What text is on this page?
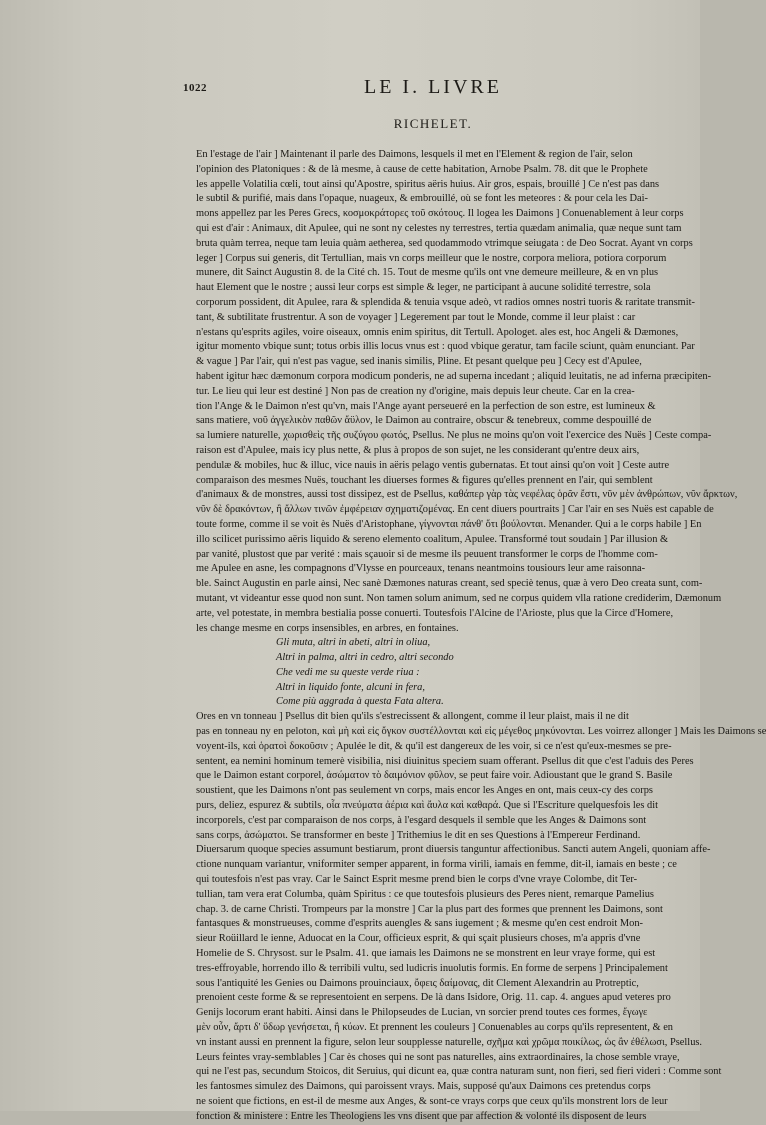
1022	LE I. LIVRE
RICHELET.
En l'estage de l'air ] Maintenant il parle des Daimons, lesquels il met en l'Element & region de l'air, selon
l'opinion des Platoniques : & de là mesme, à cause de cette habitation, Arnobe Psalm. 78. dit que le Prophete
les appelle Volatilia cœli, tout ainsi qu'Apostre, spiritus aëris huius. Air gros, espais, brouillé ] Ce n'est pas dans
le subtil & purifié, mais dans l'opaque, nuageux, & embrouillé, où se font les meteores : & pour cela les Dai-
mons appellez par les Peres Grecs, κοσμοκράτορες τοῦ σκότους. Il logea les Daimons ] Conuenablement à leur corps
qui est d'air : Animaux, dit Apulee, qui ne sont ny celestes ny terrestres, tertia quædam animalia, quæ neque sunt tam
bruta quàm terrea, neque tam leuia quàm aetherea, sed quodammodo vtrimque seiugata : de Deo Socrat. Ayant vn corps
leger ] Corpus sui generis, dit Tertullian, mais vn corps meilleur que le nostre, corpora meliora, potiora corporum
munere, dit Sainct Augustin 8. de la Cité ch. 15. Tout de mesme qu'ils ont vne demeure meilleure, & en vn plus
haut Element que le nostre ; aussi leur corps est simple & leger, ne participant à aucune solidité terrestre, sola
corporum possident, dit Apulee, rara & splendida & tenuia vsque adeò, vt radios omnes nostri tuoris & raritate transmit-
tant, & subtilitate frustrentur. A son de voyager ] Legerement par tout le Monde, comme il leur plaist : car
n'estans qu'esprits agiles, voire oiseaux, omnis enim spiritus, dit Tertull. Apologet. ales est, hoc Angeli & Dæmones,
igitur momento vbique sunt; totus orbis illis locus vnus est : quod vbique geratur, tam facile sciunt, quàm enunciant. Par
& vague ] Par l'air, qui n'est pas vague, sed inanis similis, Pline. Et pesant quelque peu ] Cecy est d'Apulee,
habent igitur hæc dæmonum corpora modicum ponderis, ne ad superna incedant ; aliquid leuitatis, ne ad inferna præcipiten-
tur. Le lieu qui leur est destiné ] Non pas de creation ny d'origine, mais depuis leur cheute. Car en la crea-
tion l'Ange & le Daimon n'est qu'vn, mais l'Ange ayant perseueré en la perfection de son estre, est lumineux &
sans matiere, νοῦ ἀγγελικὸν παθῶν ἄϋλον, le Daimon au contraire, obscur & tenebreux, comme despouillé de
sa lumiere naturelle, χωρισθεὶς τῆς συζύγου φωτός, Psellus. Ne plus ne moins qu'on voit l'exercice des Nuës ] Ceste compa-
raison est d'Apulee, mais icy plus nette, & plus à propos de son sujet, ne les considerant qu'entre deux airs,
pendulæ & mobiles, huc & illuc, vice nauis in aëris pelago ventis gubernatas. Et tout ainsi qu'on voit ] Ceste autre
comparaison des mesmes Nuës, touchant les diuerses formes & figures qu'elles prennent en l'air, qui semblent
d'animaux & de monstres, aussi tost dissipez, est de Psellus, καθάπερ γὰρ τὰς νεφέλας ὁρᾶν ἔστι, νῦν μὲν ἀνθρώπων, νῦν ἄρκτων,
νῦν δὲ δρακόντων, ἢ ἄλλων τινῶν ἐμφέρειαν σχηματιζομένας. En cent diuers pourtraits ] Car l'air en ses Nuës est capable de
toute forme, comme il se voit ès Nuës d'Aristophane, γίγνονται πάνθ' ὅτι βούλονται. Menander. Qui a le corps habile ] En
illo scilicet purissimo aëris liquido & sereno elemento coalitum, Apulee. Transformé tout soudain ] Par illusion &
par vanité, plustost que par verité : mais sçauoir si de mesme ils peuuent transformer le corps de l'homme com-
me Apulee en asne, les compagnons d'Vlysse en pourceaux, tenans neantmoins tousiours leur ame raisonna-
ble. Sainct Augustin en parle ainsi, Nec sanè Dæmones naturas creant, sed speciè tenus, quæ à vero Deo creata sunt, com-
mutant, vt videantur esse quod non sunt. Non tamen solum animum, sed ne corpus quidem vlla ratione crediderim, Dæmonum
arte, vel potestate, in membra bestialia posse conuerti. Toutesfois l'Alcine de l'Arioste, plus que la Circe d'Homere,
les change mesme en corps insensibles, en arbres, en fontaines.
Gli muta, altri in abeti, altri in oliua,
Altri in palma, altri in cedro, altri secondo
Che vedi me su queste verde riua :
Altri in liquido fonte, alcuni in fera,
Come più aggrada à questa Fata altera.
Ores en vn tonneau ] Psellus dit bien qu'ils s'estrecissent & allongent, comme il leur plaist, mais il ne dit
pas en tonneau ny en peloton, καὶ μὴ καὶ εἰς ὄγκον συστέλλονται καὶ εἰς μέγεθος μηκύνονται. Les voirrez allonger ] Mais les Daimons se
voyent-ils, καὶ ὁρατοὶ δοκοῦσιν ; Apulée le dit, & qu'il est dangereux de les voir, si ce n'est qu'eux-mesmes se pre-
sentent, ea nemini hominum temerè visibilia, nisi diuinitus speciem suam offerant. Psellus dit que c'est l'aduis des Peres
que le Daimon estant corporel, ἀσώματον τὸ δαιμόνιον φῦλον, se peut faire voir. Adioustant que le grand S. Basile
soustient, que les Daimons n'ont pas seulement vn corps, mais encor les Anges en ont, mais ceux-cy des corps
purs, deliez, espurez & subtils, οἷα πνεύματα ἀέρια καὶ ἄυλα καὶ καθαρά. Que si l'Escriture quelquesfois les dit
incorporels, c'est par comparaison de nos corps, à l'esgard desquels il semble que les Anges & Daimons sont
sans corps, ἀσώματοι. Se transformer en beste ] Trithemius le dit en ses Questions à l'Empereur Ferdinand.
Diuersarum quoque species assumunt bestiarum, pront diuersis tanguntur affectionibus. Sancti autem Angeli, quoniam affe-
ctione nunquam variantur, vniformiter semper apparent, in forma virili, iamais en femme, dit-il, iamais en beste ; ce
qui toutesfois n'est pas vray. Car le Sainct Esprit mesme prend bien le corps d'vne vraye Colombe, dit Ter-
tullian, tam vera erat Columba, quàm Spiritus : ce que toutesfois plusieurs des Peres nient, remarque Pamelius
chap. 3. de carne Christi. Trompeurs par la monstre ] Car la plus part des formes que prennent les Daimons, sont
fantasques & monstrueuses, comme d'esprits auengles & sans iugement ; & mesme qu'en cest endroit Mon-
sieur Roüillard le ienne, Aduocat en la Cour, officieux esprit, & qui sçait plusieurs choses, m'a appris d'vne
Homelie de S. Chrysost. sur le Psalm. 41. que iamais les Daimons ne se monstrent en leur vraye forme, qui est
tres-effroyable, horrendo illo & terribili vultu, sed ludicris inuolutis formis. En forme de serpens ] Principalement
sous l'antiquité les Genies ou Daimons prouinciaux, ὄφεις δαίμονας, dit Clement Alexandrin au Protreptic,
prenoient ceste forme & se representoient en serpens. De là dans Isidore, Orig. 11. cap. 4. angues apud veteres pro
Genijs locorum erant habiti. Ainsi dans le Philopseudes de Lucian, vn sorcier prend toutes ces formes, ἔγωγε
μὲν οὖν, ἄρτι δ' ὕδωρ γενήσεται, ἢ κύων. Et prennent les couleurs ] Conuenables au corps qu'ils representent, & en
vn instant aussi en prennent la figure, selon leur soupplesse naturelle, σχῆμα καὶ χρῶμα ποικίλως, ὡς ἂν ἐθέλωσι, Psellus.
Leurs feintes vray-semblables ] Car ès choses qui ne sont pas naturelles, ains extraordinaires, la chose semble vraye,
qui ne l'est pas, secundum Stoicos, dit Seruius, qui dicunt ea, quæ contra naturam sunt, non fieri, sed fieri videri : Comme sont
les fantosmes simulez des Daimons, qui paroissent vrays. Mais, supposé qu'aux Daimons ces pretendus corps
ne soient que fictions, en est-il de mesme aux Anges, & sont-ce vrays corps que ceux qu'ils monstrent lors de leur
fonction & ministere : Entre les Theologiens les vns disent que par affection & volonté ils disposent de leurs
